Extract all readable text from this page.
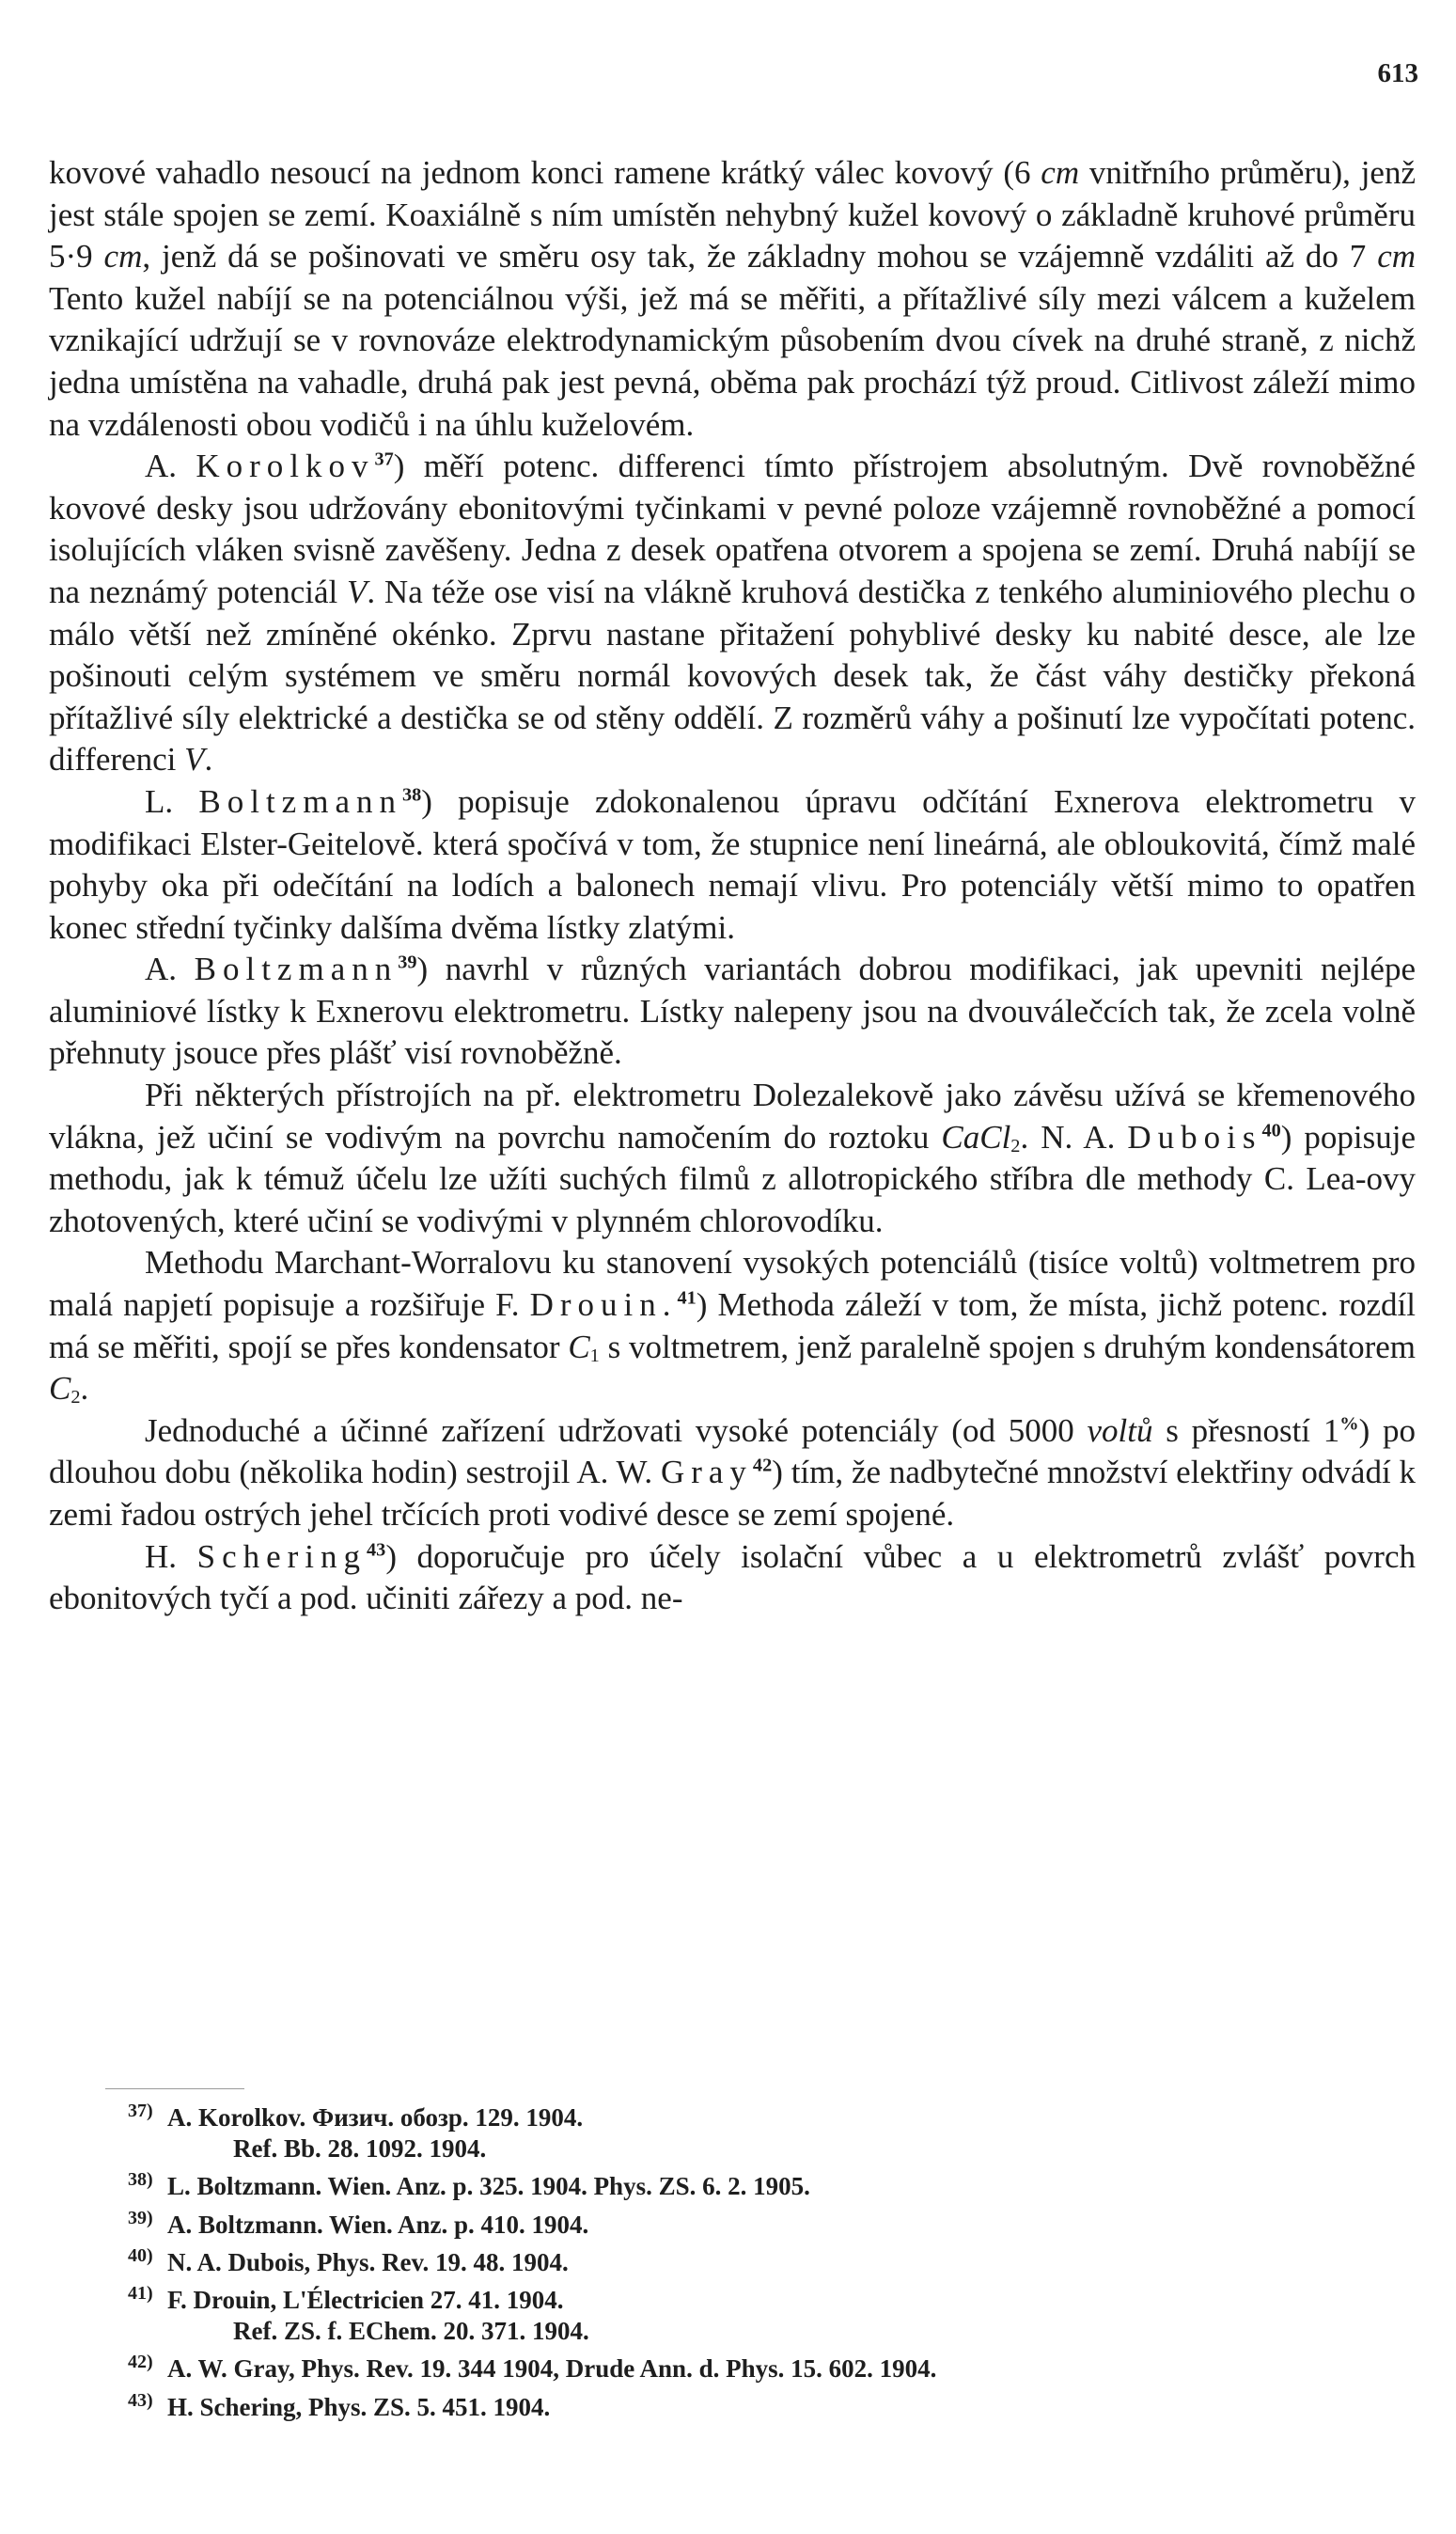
613

kovové vahadlo nesoucí na jednom konci ramene krátký válec kovový (6 cm vnitřního průměru), jenž jest stále spojen se zemí. Koaxiálně s ním umístěn nehybný kužel kovový o základně kruhové průměru 5·9 cm, jenž dá se pošinovati ve směru osy tak, že základny mohou se vzájemně vzdáliti až do 7 cm Tento kužel nabíjí se na potenciálnou výši, jež má se měřiti, a přítažlivé síly mezi válcem a kuželem vznikající udržují se v rovnováze elektrodynamickým působením dvou cívek na druhé straně, z nichž jedna umístěna na vahadle, druhá pak jest pevná, oběma pak prochází týž proud. Citlivost záleží mimo na vzdálenosti obou vodičů i na úhlu kuželovém.

A. Korolkov$^{37}$) měří potenc. differenci tímto přístrojem absolutným. Dvě rovnoběžné kovové desky jsou udržovány ebonitovými tyčinkami v pevné poloze vzájemně rovnoběžné a pomocí isolujících vláken svisně zavěšeny. Jedna z desek opatřena otvorem a spojena se zemí. Druhá nabíjí se na neznámý potenciál V. Na téže ose visí na vlákně kruhová destička z tenkého aluminiového plechu o málo větší než zmíněné okénko. Zprvu nastane přitažení pohyblivé desky ku nabité desce, ale lze pošinouti celým systémem ve směru normál kovových desek tak, že část váhy destičky překoná přítažlivé síly elektrické a destička se od stěny oddělí. Z rozměrů váhy a pošinutí lze vypočítati potenc. differenci V.

L. Boltzmann$^{38}$) popisuje zdokonalenou úpravu odčítání Exnerova elektrometru v modifikaci Elster-Geitelově. která spočívá v tom, že stupnice není lineárná, ale obloukovitá, čímž malé pohyby oka při odečítání na lodích a balonech nemají vlivu. Pro potenciály větší mimo to opatřen konec střední tyčinky dalšíma dvěma lístky zlatými.

A. Boltzmann$^{39}$) navrhl v různých variantách dobrou modifikaci, jak upevniti nejlépe aluminiové lístky k Exnerovu elektrometru. Lístky nalepeny jsou na dvouválečcích tak, že zcela volně přehnuty jsouce přes plášť visí rovnoběžně.

Při některých přístrojích na př. elektrometru Dolezalekově jako závěsu užívá se křemenového vlákna, jež učiní se vodivým na povrchu namočením do roztoku CaCl$_2$. N. A. Dubois$^{40}$) popisuje methodu, jak k témuž účelu lze užíti suchých filmů z allotropického stříbra dle methody C. Lea-ovy zhotovených, které učiní se vodivými v plynném chlorovodíku.

Methodu Marchant-Worralovu ku stanovení vysokých potenciálů (tisíce voltů) voltmetrem pro malá napjetí popisuje a rozšiřuje F. Drouin.$^{41}$) Methoda záleží v tom, že místa, jichž potenc. rozdíl má se měřiti, spojí se přes kondensator $C_1$ s voltmetrem, jenž paralelně spojen s druhým kondensátorem $C_2$.

Jednoduché a účinné zařízení udržovati vysoké potenciály (od 5000 voltů s přesností 1%) po dlouhou dobu (několika hodin) sestrojil A. W. Gray$^{42}$) tím, že nadbytečné množství elektřiny odvádí k zemi řadou ostrých jehel trčících proti vodivé desce se zemí spojené.

H. Schering$^{43}$) doporučuje pro účely isolační vůbec a u elektrometrů zvlášť povrch ebonitových tyčí a pod. učiniti zářezy a pod. ne-

37) A. Korolkov. Физич. обозр. 129. 1904.
Ref. Bb. 28. 1092. 1904.
38) L. Boltzmann. Wien. Anz. p. 325. 1904. Phys. ZS. 6. 2. 1905.
39) A. Boltzmann. Wien. Anz. p. 410. 1904.
40) N. A. Dubois, Phys. Rev. 19. 48. 1904.
41) F. Drouin, L'Électricien 27. 41. 1904.
Ref. ZS. f. EChem. 20. 371. 1904.
42) A. W. Gray, Phys. Rev. 19. 344 1904, Drude Ann. d. Phys. 15. 602. 1904.
43) H. Schering, Phys. ZS. 5. 451. 1904.
